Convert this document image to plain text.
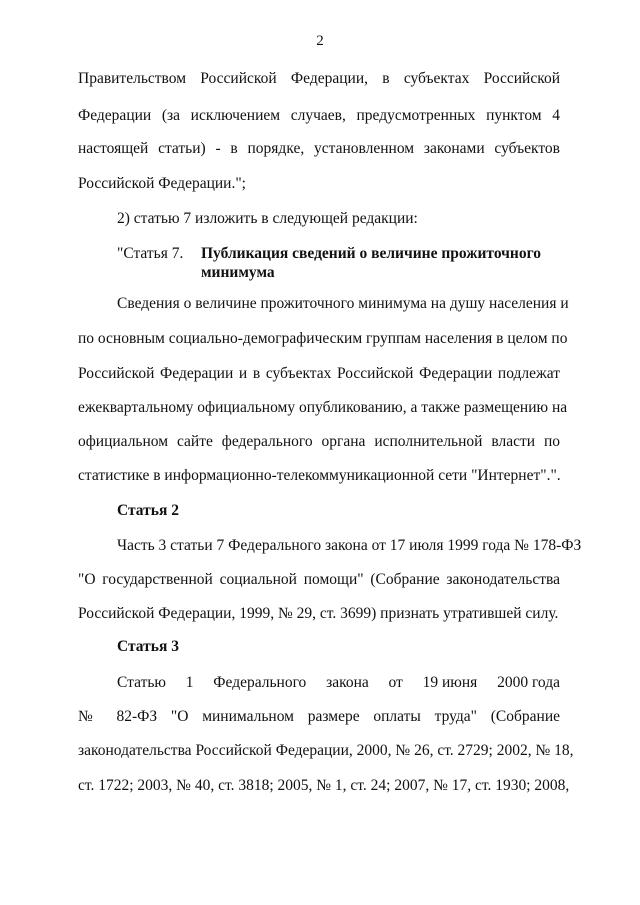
2
Правительством Российской Федерации, в субъектах Российской
Федерации (за исключением случаев, предусмотренных пунктом 4
настоящей статьи) - в порядке, установленном законами субъектов
Российской Федерации.";
2) статью 7 изложить в следующей редакции:
"Статья 7. Публикация сведений о величине прожиточного минимума
Сведения о величине прожиточного минимума на душу населения и
по основным социально-демографическим группам населения в целом по
Российской Федерации и в субъектах Российской Федерации подлежат
ежеквартальному официальному опубликованию, а также размещению на
официальном сайте федерального органа исполнительной власти по
статистике в информационно-телекоммуникационной сети "Интернет".".
Статья 2
Часть 3 статьи 7 Федерального закона от 17 июля 1999 года № 178-ФЗ
"О государственной социальной помощи" (Собрание законодательства
Российской Федерации, 1999, № 29, ст. 3699) признать утратившей силу.
Статья 3
Статью 1 Федерального закона от 19 июня 2000 года
№ 82-ФЗ "О минимальном размере оплаты труда" (Собрание
законодательства Российской Федерации, 2000, № 26, ст. 2729; 2002, № 18,
ст. 1722; 2003, № 40, ст. 3818; 2005, № 1, ст. 24; 2007, № 17, ст. 1930; 2008,
